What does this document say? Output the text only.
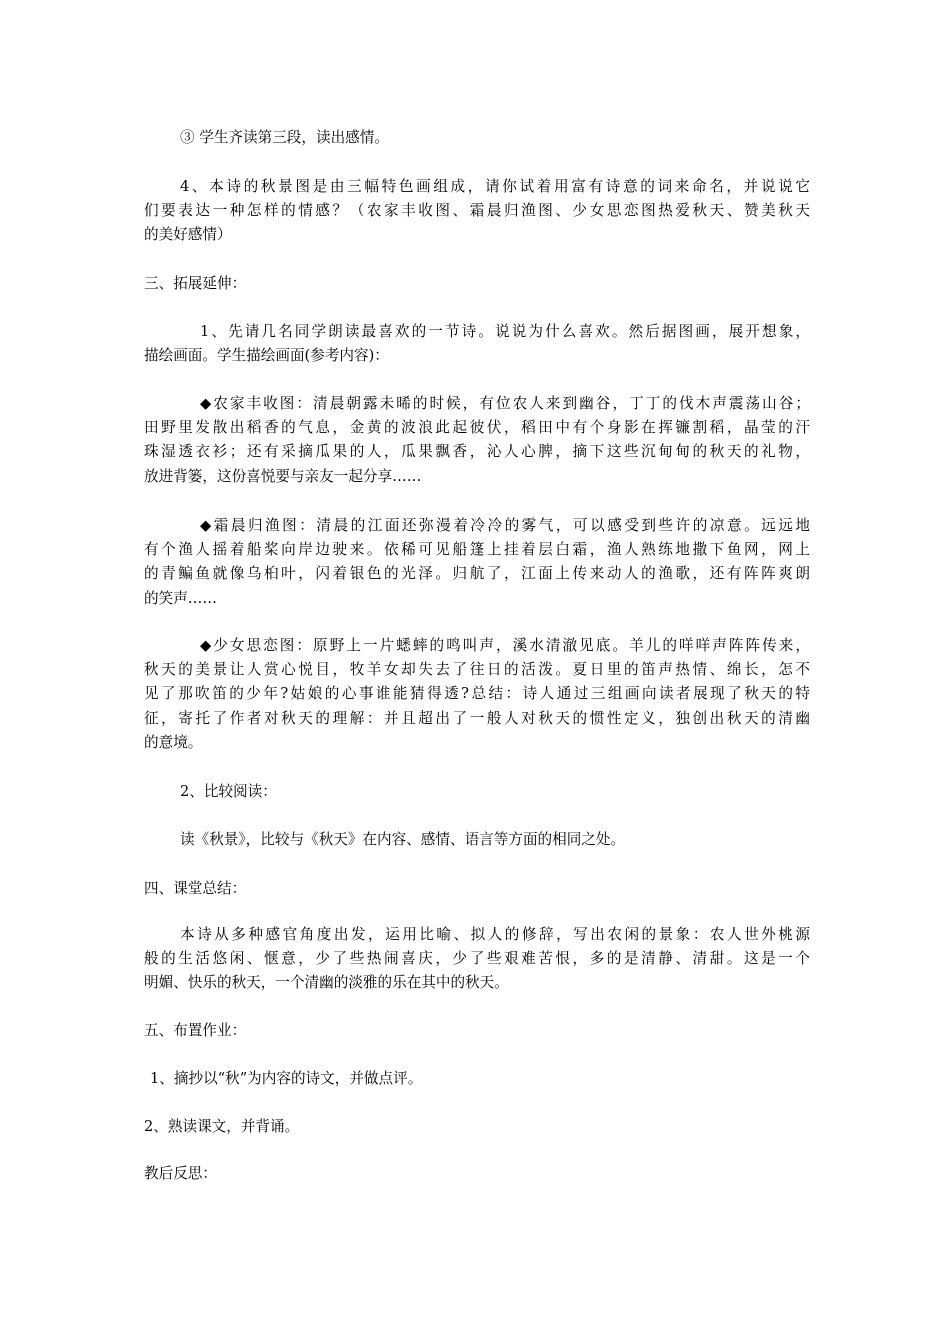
③ 学生齐读第三段，读出感情。

4、本诗的秋景图是由三幅特色画组成，请你试着用富有诗意的词来命名，并说说它
们要表达一种怎样的情感？（农家丰收图、霜晨归渔图、少女思恋图热爱秋天、赞美秋天
的美好感情）

三、拓展延伸：

1、先请几名同学朗读最喜欢的一节诗。说说为什么喜欢。然后据图画，展开想象，
描绘画面。学生描绘画面(参考内容)：

◆农家丰收图：清晨朝露未晞的时候，有位农人来到幽谷，丁丁的伐木声震荡山谷；
田野里发散出稻香的气息，金黄的波浪此起彼伏，稻田中有个身影在挥镰割稻，晶莹的汗
珠湿透衣衫；还有采摘瓜果的人，瓜果飘香，沁人心脾，摘下这些沉甸甸的秋天的礼物，
放进背篓，这份喜悦要与亲友一起分享……

◆霜晨归渔图：清晨的江面还弥漫着冷冷的雾气，可以感受到些许的凉意。远远地
有个渔人摇着船桨向岸边驶来。依稀可见船篷上挂着层白霜，渔人熟练地撒下鱼网，网上
的青鳊鱼就像乌桕叶，闪着银色的光泽。归航了，江面上传来动人的渔歌，还有阵阵爽朗
的笑声……

◆少女思恋图：原野上一片蟋蟀的鸣叫声，溪水清澈见底。羊儿的咩咩声阵阵传来，
秋天的美景让人赏心悦目，牧羊女却失去了往日的活泼。夏日里的笛声热情、绵长，怎不
见了那吹笛的少年?姑娘的心事谁能猜得透?总结：诗人通过三组画向读者展现了秋天的特
征，寄托了作者对秋天的理解：并且超出了一般人对秋天的惯性定义，独创出秋天的清幽
的意境。

2、比较阅读：

读《秋景》，比较与《秋天》在内容、感情、语言等方面的相同之处。

四、课堂总结：

本诗从多种感官角度出发，运用比喻、拟人的修辞，写出农闲的景象：农人世外桃源
般的生活悠闲、惬意，少了些热闹喜庆，少了些艰难苦恨，多的是清静、清甜。这是一个
明媚、快乐的秋天，一个清幽的淡雅的乐在其中的秋天。

五、布置作业：

1、摘抄以“秋”为内容的诗文，并做点评。

2、熟读课文，并背诵。

教后反思：
